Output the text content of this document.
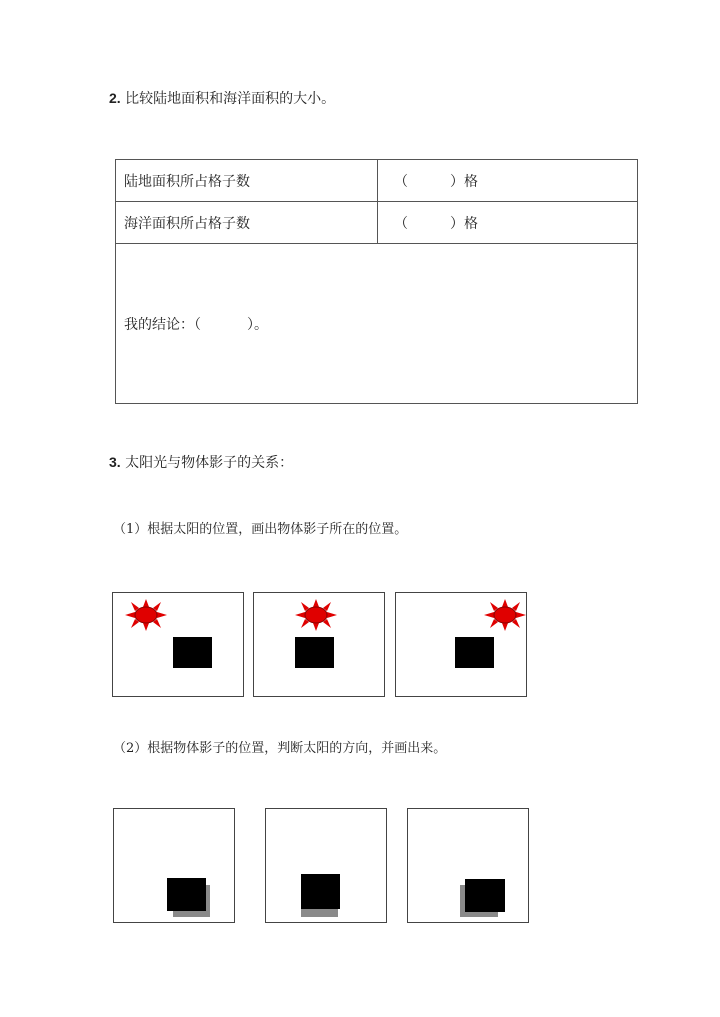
2. 比较陆地面积和海洋面积的大小。
陆地面积所占格子数	（ ）格
海洋面积所占格子数	（ ）格
我的结论：（ ）。	
3. 太阳光与物体影子的关系：
（1）根据太阳的位置，画出物体影子所在的位置。
（2）根据物体影子的位置，判断太阳的方向，并画出来。
